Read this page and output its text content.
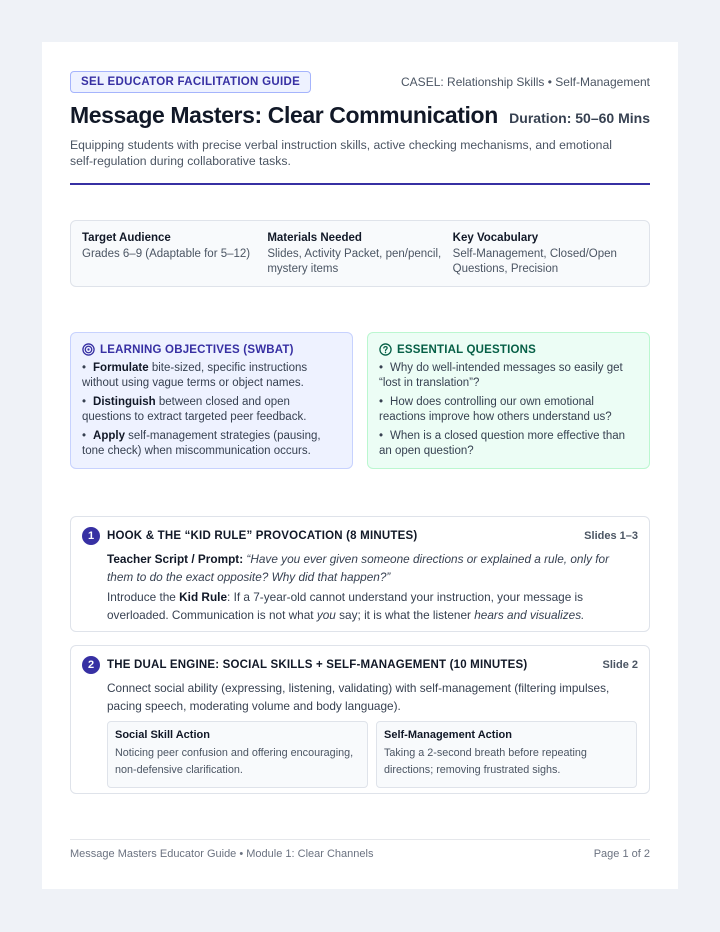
SEL EDUCATOR FACILITATION GUIDE	CASEL: Relationship Skills • Self-Management
Message Masters: Clear Communication Duration: 50–60 Mins

Equipping students with precise verbal instruction skills, active checking mechanisms, and emotional self-regulation during collaborative tasks.

Target Audience
Grades 6–9 (Adaptable for 5–12)
Materials Needed
Slides, Activity Packet, pen/pencil, mystery items
Key Vocabulary
Self-Management, Closed/Open Questions, Precision
LEARNING OBJECTIVES (SWBAT)
• Formulate bite-sized, specific instructions without using vague terms or object names.
• Distinguish between closed and open questions to extract targeted peer feedback.
• Apply self-management strategies (pausing, tone check) when miscommunication occurs.
ESSENTIAL QUESTIONS
• Why do well-intended messages so easily get “lost in translation”?
• How does controlling our own emotional reactions improve how others understand us?
• When is a closed question more effective than an open question?
1	HOOK & THE “KID RULE” PROVOCATION (8 MINUTES)	Slides 1–3

Teacher Script / Prompt: “Have you ever given someone directions or explained a rule, only for them to do the exact opposite? Why did that happen?”

Introduce the Kid Rule: If a 7-year-old cannot understand your instruction, your message is overloaded. Communication is not what you say; it is what the listener hears and visualizes.

2	THE DUAL ENGINE: SOCIAL SKILLS + SELF-MANAGEMENT (10 MINUTES)	Slide 2

Connect social ability (expressing, listening, validating) with self-management (filtering impulses, pacing speech, moderating volume and body language).

Social Skill Action
Noticing peer confusion and offering encouraging, non-defensive clarification.
Self-Management Action
Taking a 2-second breath before repeating directions; removing frustrated sighs.
Message Masters Educator Guide • Module 1: Clear Channels	Page 1 of 2
